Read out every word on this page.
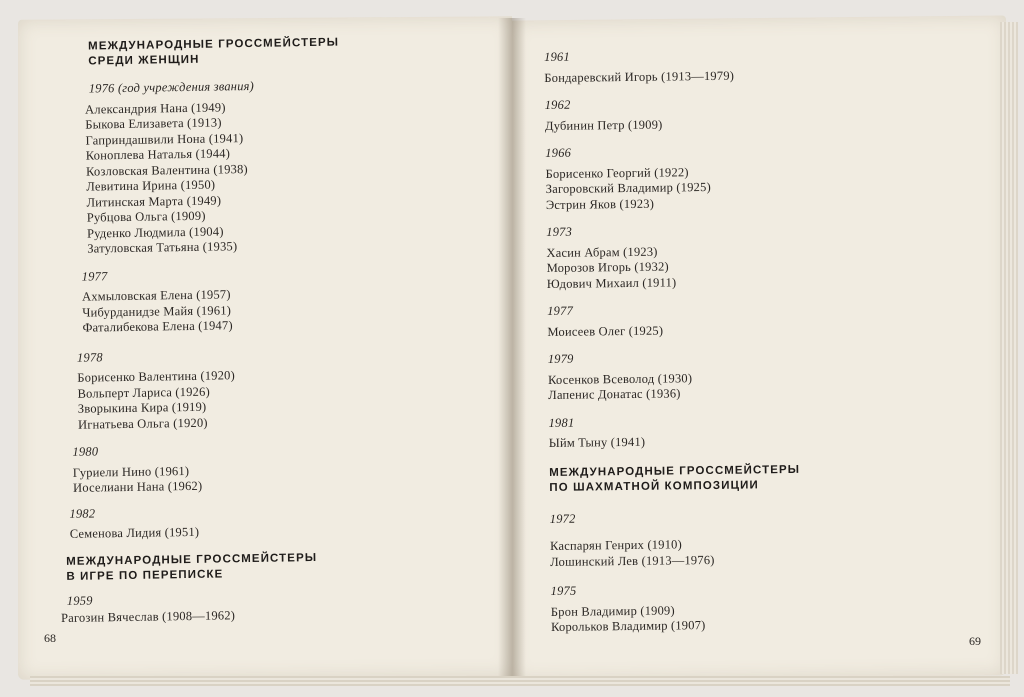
МЕЖДУНАРОДНЫЕ ГРОССМЕЙСТЕРЫ
СРЕДИ ЖЕНЩИН
1976 (год учреждения звания)
Александрия Нана (1949)
Быкова Елизавета (1913)
Гаприндашвили Нона (1941)
Коноплева Наталья (1944)
Козловская Валентина (1938)
Левитина Ирина (1950)
Литинская Марта (1949)
Рубцова Ольга (1909)
Руденко Людмила (1904)
Затуловская Татьяна (1935)
1977
Ахмыловская Елена (1957)
Чибурданидзе Майя (1961)
Фаталибекова Елена (1947)
1978
Борисенко Валентина (1920)
Вольперт Лариса (1926)
Зворыкина Кира (1919)
Игнатьева Ольга (1920)
1980
Гуриели Нино (1961)
Иоселиани Нана (1962)
1982
Семенова Лидия (1951)
МЕЖДУНАРОДНЫЕ ГРОССМЕЙСТЕРЫ
В ИГРЕ ПО ПЕРЕПИСКЕ
1959
Рагозин Вячеслав (1908—1962)
68
1961
Бондаревский Игорь (1913—1979)
1962
Дубинин Петр (1909)
1966
Борисенко Георгий (1922)
Загоровский Владимир (1925)
Эстрин Яков (1923)
1973
Хасин Абрам (1923)
Морозов Игорь (1932)
Юдович Михаил (1911)
1977
Моисеев Олег (1925)
1979
Косенков Всеволод (1930)
Лапенис Донатас (1936)
1981
Ыйм Тыну (1941)
МЕЖДУНАРОДНЫЕ ГРОССМЕЙСТЕРЫ
ПО ШАХМАТНОЙ КОМПОЗИЦИИ
1972
Каспарян Генрих (1910)
Лошинский Лев (1913—1976)
1975
Брон Владимир (1909)
Корольков Владимир (1907)
69
